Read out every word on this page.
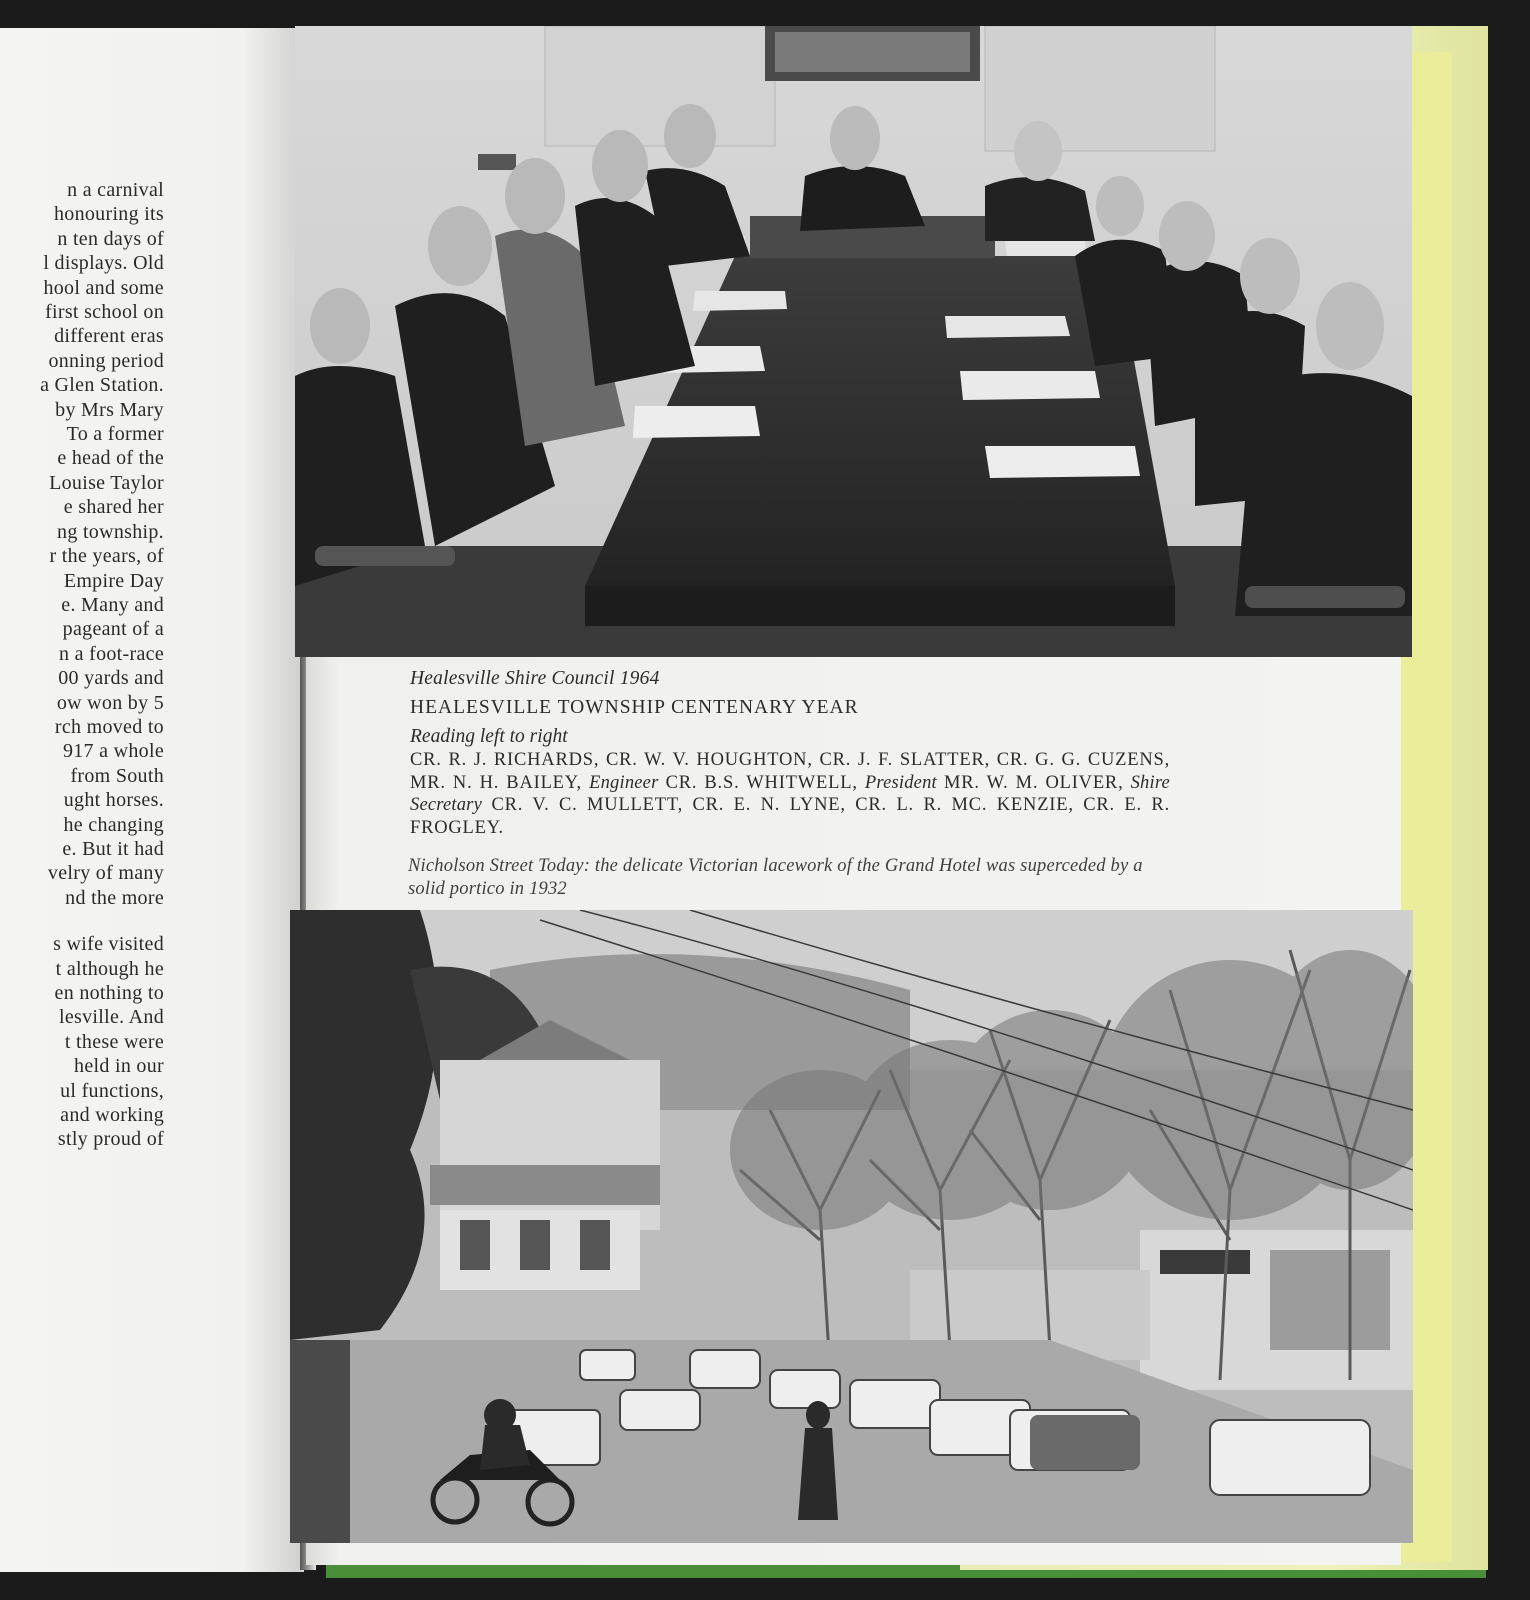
n a carnival

honouring its

n ten days of

l displays. Old

hool and some

first school on

different eras

onning period

a Glen Station.

by Mrs Mary

To a former

e head of the

Louise Taylor

e shared her

ng township.

r the years, of

Empire Day

e. Many and

pageant of a

n a foot-race

00 yards and

ow won by 5

rch moved to

917 a whole

from South

ught horses.

he changing

e. But it had

velry of many

nd the more

s wife visited

t although he

en nothing to

lesville. And

t these were

held in our

ul functions,

and working

stly proud of

Healesville Shire Council 1964
HEALESVILLE TOWNSHIP CENTENARY YEAR
Reading left to right
CR. R. J. RICHARDS, CR. W. V. HOUGHTON, CR. J. F. SLATTER, CR. G. G. CUZENS, MR. N. H. BAILEY, Engineer CR. B.S. WHITWELL, President MR. W. M. OLIVER, Shire Secretary CR. V. C. MULLETT, CR. E. N. LYNE, CR. L. R. MC. KENZIE, CR. E. R. FROGLEY.
Nicholson Street Today: the delicate Victorian lacework of the Grand Hotel was superceded by a solid portico in 1932
